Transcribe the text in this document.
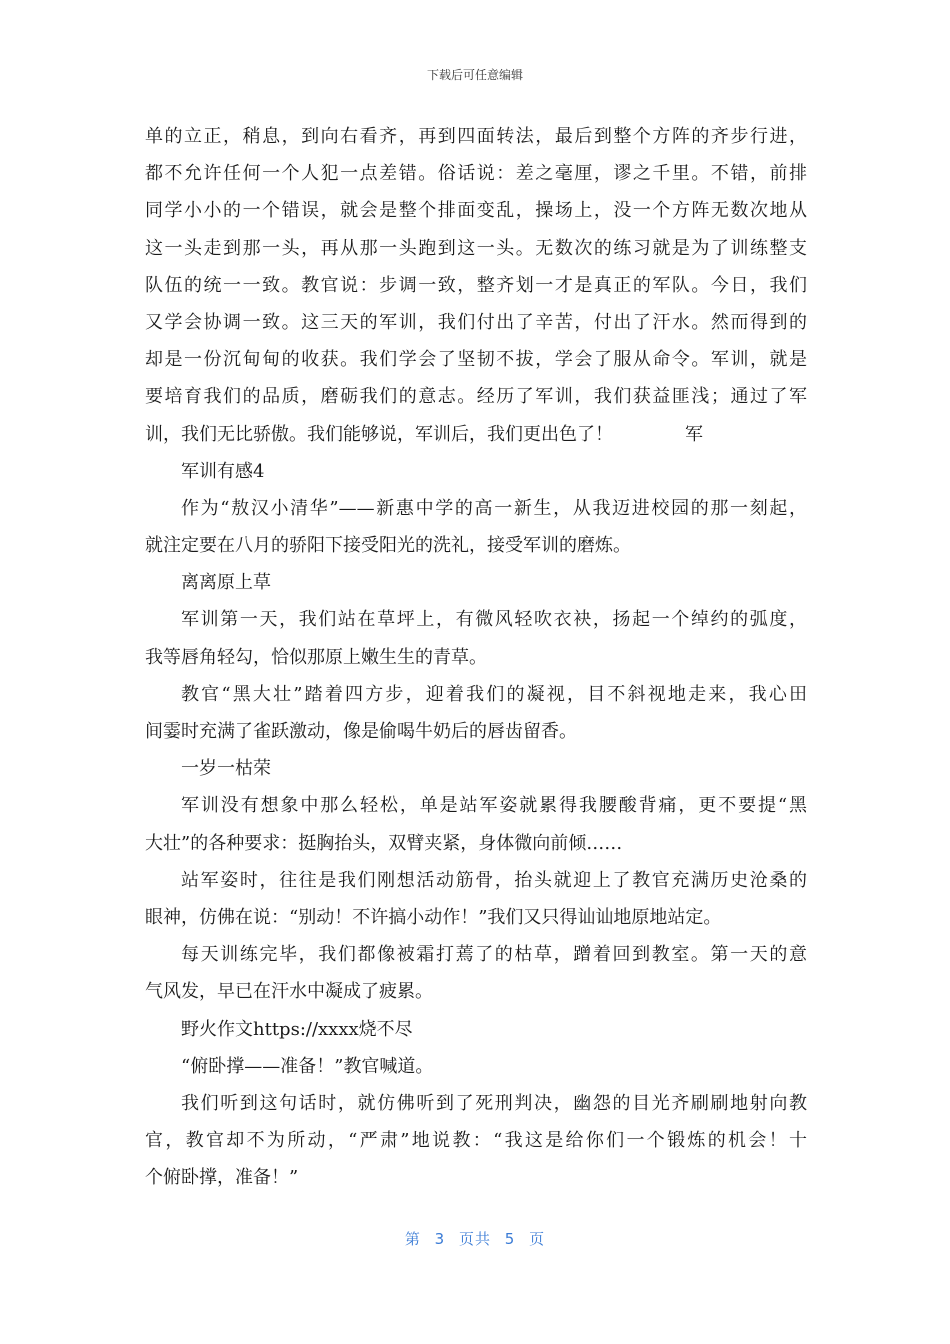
下载后可任意编辑
单的立正，稍息，到向右看齐，再到四面转法，最后到整个方阵的齐步行进，
都不允许任何一个人犯一点差错。俗话说：差之毫厘，谬之千里。不错，前排
同学小小的一个错误，就会是整个排面变乱，操场上，没一个方阵无数次地从
这一头走到那一头，再从那一头跑到这一头。无数次的练习就是为了训练整支
队伍的统一一致。教官说：步调一致，整齐划一才是真正的军队。今日，我们
又学会协调一致。这三天的军训，我们付出了辛苦，付出了汗水。然而得到的
却是一份沉甸甸的收获。我们学会了坚韧不拔，学会了服从命令。军训，就是
要培育我们的品质，磨砺我们的意志。经历了军训，我们获益匪浅；通过了军
训，我们无比骄傲。我们能够说，军训后，我们更出色了！	军
军训有感4
作为“敖汉小清华”——新惠中学的高一新生，从我迈进校园的那一刻起，
就注定要在八月的骄阳下接受阳光的洗礼，接受军训的磨炼。
离离原上草
军训第一天，我们站在草坪上，有微风轻吹衣袂，扬起一个绰约的弧度，
我等唇角轻勾，恰似那原上嫩生生的青草。
教官“黑大壮”踏着四方步，迎着我们的凝视，目不斜视地走来，我心田
间霎时充满了雀跃激动，像是偷喝牛奶后的唇齿留香。
一岁一枯荣
军训没有想象中那么轻松，单是站军姿就累得我腰酸背痛，更不要提“黑
大壮”的各种要求：挺胸抬头，双臂夹紧，身体微向前倾……
站军姿时，往往是我们刚想活动筋骨，抬头就迎上了教官充满历史沧桑的
眼神，仿佛在说：“别动！不许搞小动作！”我们又只得讪讪地原地站定。
每天训练完毕，我们都像被霜打蔫了的枯草，蹭着回到教室。第一天的意
气风发，早已在汗水中凝成了疲累。
野火作文https://xxxx烧不尽
“俯卧撑——准备！”教官喊道。
我们听到这句话时，就仿佛听到了死刑判决，幽怨的目光齐刷刷地射向教
官，教官却不为所动，“严肃”地说教：“我这是给你们一个锻炼的机会！十
个俯卧撑，准备！”
第 3 页共 5 页
